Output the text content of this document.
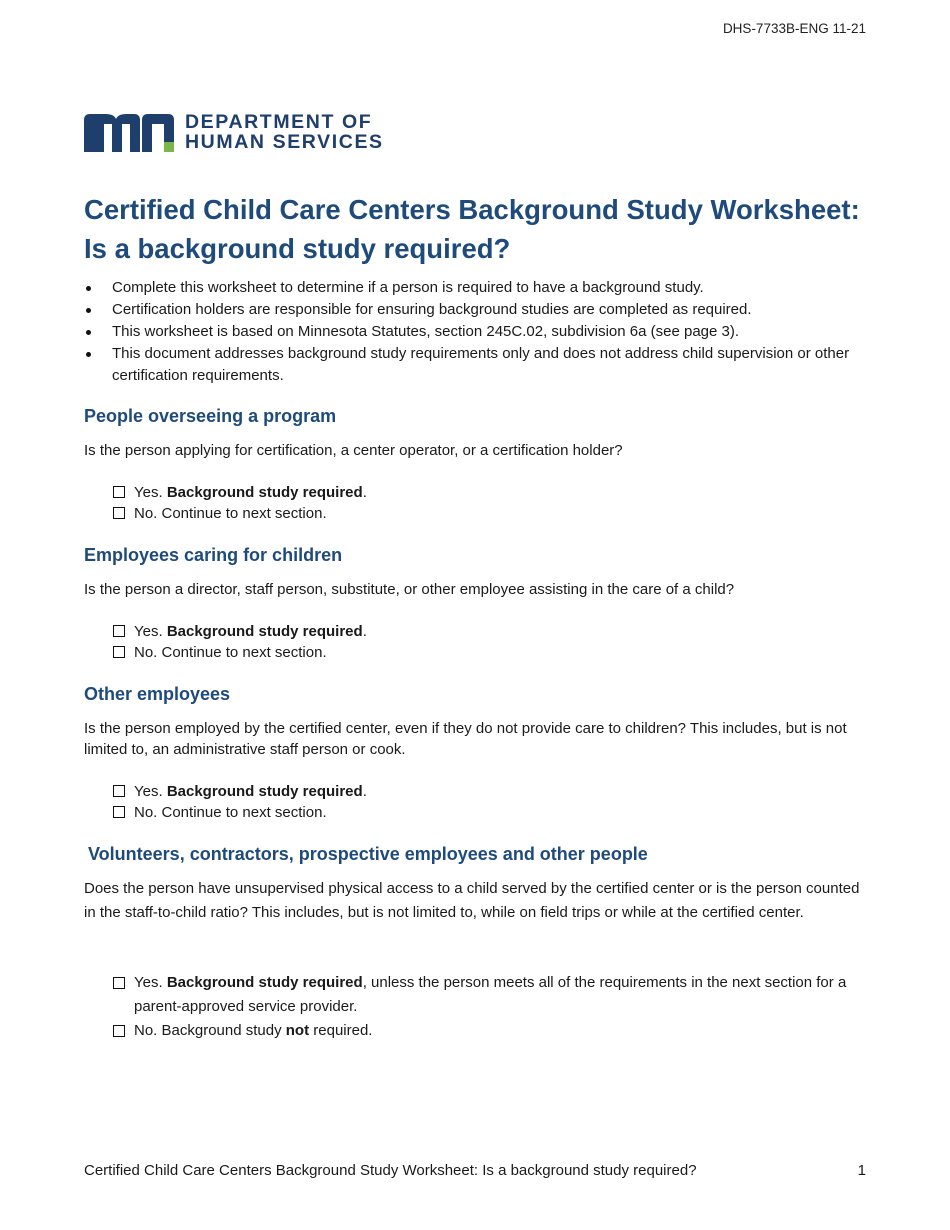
DHS-7733B-ENG 11-21
DEPARTMENT OF
HUMAN SERVICES
Certified Child Care Centers Background Study Worksheet:
Is a background study required?
Complete this worksheet to determine if a person is required to have a background study.
Certification holders are responsible for ensuring background studies are completed as required.
This worksheet is based on Minnesota Statutes, section 245C.02, subdivision 6a (see page 3).
This document addresses background study requirements only and does not address child supervision or other certification requirements.
People overseeing a program

Is the person applying for certification, a center operator, or a certification holder?

Yes. Background study required.
No. Continue to next section.
Employees caring for children

Is the person a director, staff person, substitute, or other employee assisting in the care of a child?

Yes. Background study required.
No. Continue to next section.
Other employees

Is the person employed by the certified center, even if they do not provide care to children? This includes, but is not limited to, an administrative staff person or cook.

Yes. Background study required.
No. Continue to next section.
Volunteers, contractors, prospective employees and other people

Does the person have unsupervised physical access to a child served by the certified center or is the person counted in the staff-to-child ratio? This includes, but is not limited to, while on field trips or while at the certified center.

Yes. Background study required, unless the person meets all of the requirements in the next section for a parent-approved service provider.
No. Background study not required.
Certified Child Care Centers Background Study Worksheet: Is a background study required?	1
